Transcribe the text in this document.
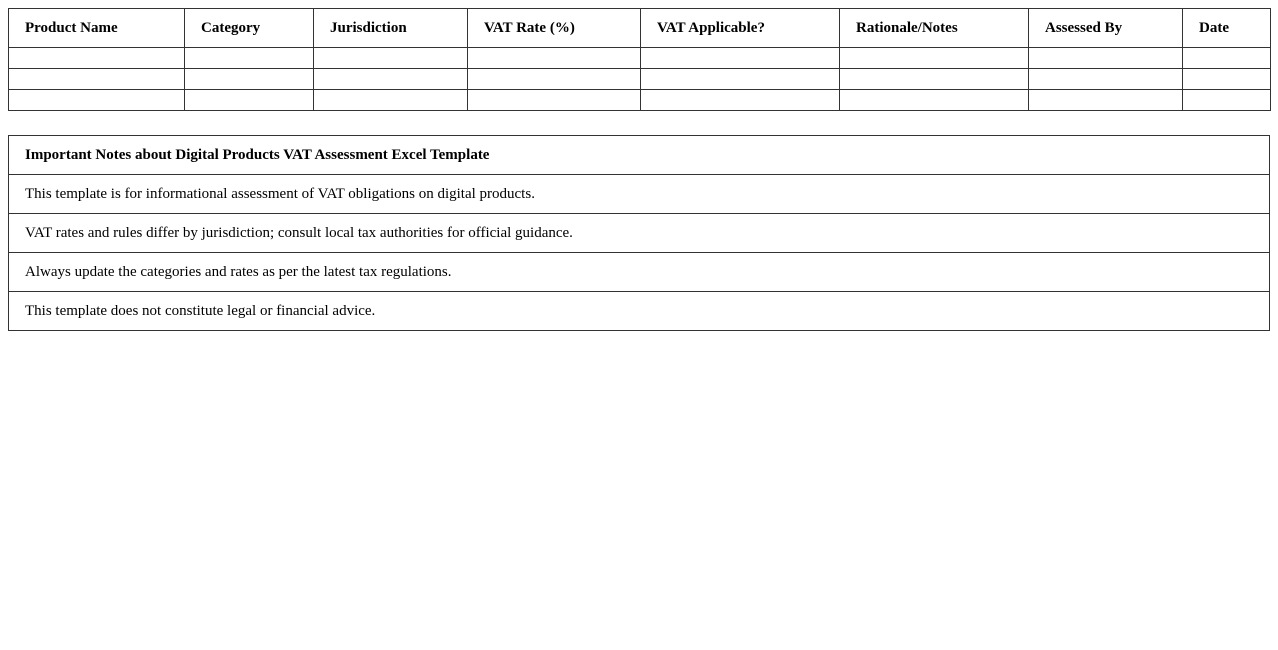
Product Name	Category	Jurisdiction	VAT Rate (%)	VAT Applicable?	Rationale/Notes	Assessed By	Date

Important Notes about Digital Products VAT Assessment Excel Template
This template is for informational assessment of VAT obligations on digital products.
VAT rates and rules differ by jurisdiction; consult local tax authorities for official guidance.
Always update the categories and rates as per the latest tax regulations.
This template does not constitute legal or financial advice.
